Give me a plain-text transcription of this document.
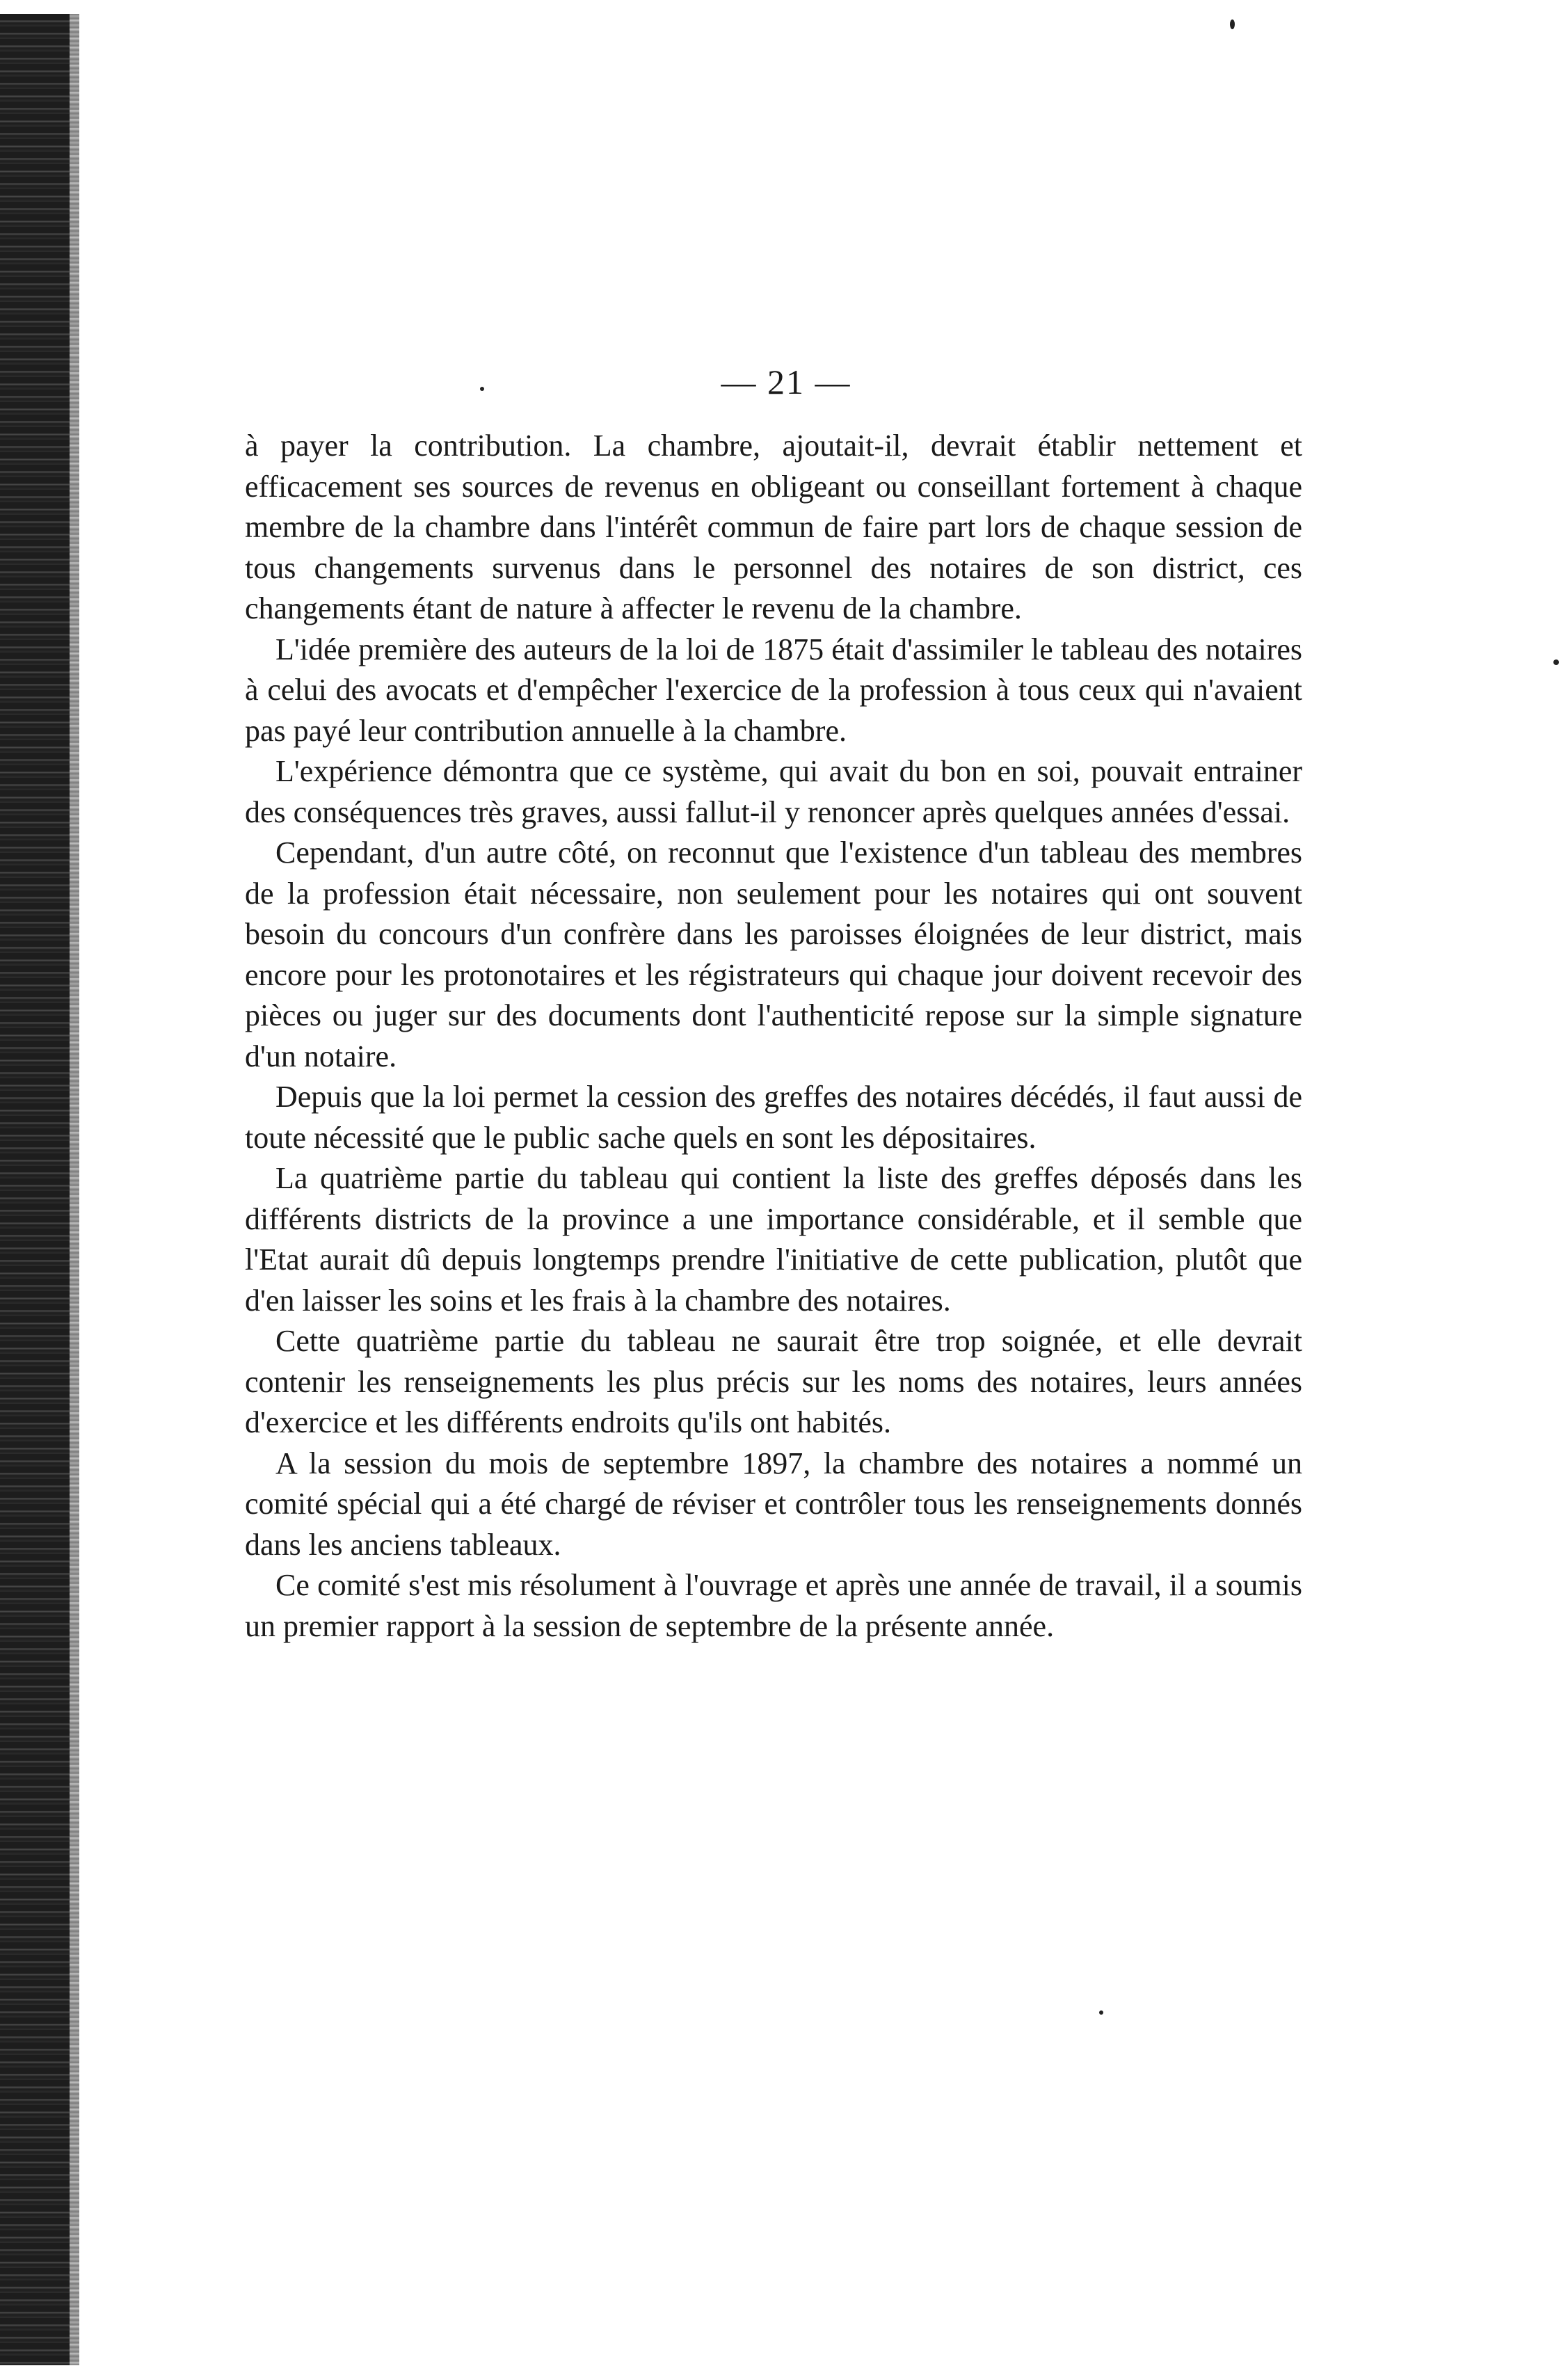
— 21 —

à payer la contribution. La chambre, ajoutait-il, devrait établir nettement et efficacement ses sources de revenus en obligeant ou conseillant fortement à chaque membre de la chambre dans l'intérêt commun de faire part lors de chaque session de tous changements survenus dans le personnel des notaires de son district, ces changements étant de nature à affecter le revenu de la chambre.

L'idée première des auteurs de la loi de 1875 était d'assimiler le tableau des notaires à celui des avocats et d'empêcher l'exercice de la profession à tous ceux qui n'avaient pas payé leur contribution annuelle à la chambre.

L'expérience démontra que ce système, qui avait du bon en soi, pouvait entrainer des conséquences très graves, aussi fallut-il y renoncer après quelques années d'essai.

Cependant, d'un autre côté, on reconnut que l'existence d'un tableau des membres de la profession était nécessaire, non seulement pour les notaires qui ont souvent besoin du concours d'un confrère dans les paroisses éloignées de leur district, mais encore pour les protonotaires et les régistrateurs qui chaque jour doivent recevoir des pièces ou juger sur des documents dont l'authenticité repose sur la simple signature d'un notaire.

Depuis que la loi permet la cession des greffes des notaires décédés, il faut aussi de toute nécessité que le public sache quels en sont les dépositaires.

La quatrième partie du tableau qui contient la liste des greffes déposés dans les différents districts de la province a une importance considérable, et il semble que l'Etat aurait dû depuis longtemps prendre l'initiative de cette publication, plutôt que d'en laisser les soins et les frais à la chambre des notaires.

Cette quatrième partie du tableau ne saurait être trop soignée, et elle devrait contenir les renseignements les plus précis sur les noms des notaires, leurs années d'exercice et les différents endroits qu'ils ont habités.

A la session du mois de septembre 1897, la chambre des notaires a nommé un comité spécial qui a été chargé de réviser et contrôler tous les renseignements donnés dans les anciens tableaux.

Ce comité s'est mis résolument à l'ouvrage et après une année de travail, il a soumis un premier rapport à la session de septembre de la présente année.
